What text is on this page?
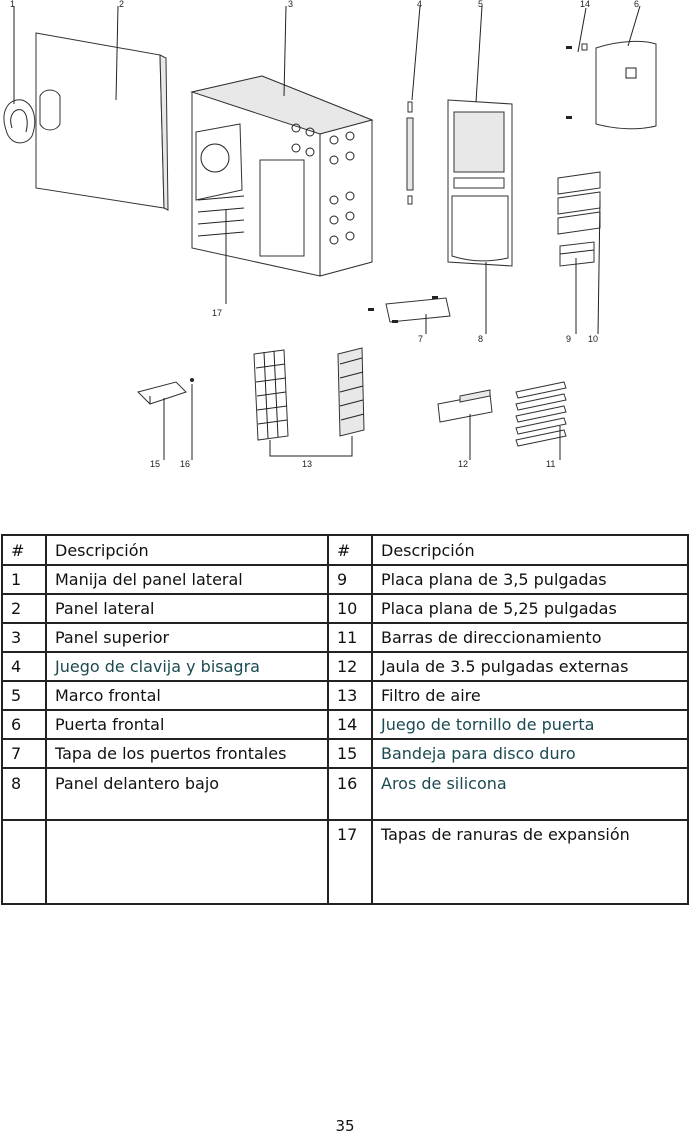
1	2	3
17
4	5
8
14	6
9 10
7
15 16	13	12	11
#	Descripción	#	Descripción
1	Manija del panel lateral	9	Placa plana de 3,5 pulgadas
2	Panel lateral	10	Placa plana de 5,25 pulgadas
3	Panel superior	11	Barras de direccionamiento
4	Juego de clavija y bisagra	12	Jaula de 3.5 pulgadas externas
5	Marco frontal	13	Filtro de aire
6	Puerta frontal	14	Juego de tornillo de puerta
7	Tapa de los puertos frontales	15	Bandeja para disco duro
8	Panel delantero bajo	16	Aros de silicona
		17	Tapas de ranuras de expansión
35
